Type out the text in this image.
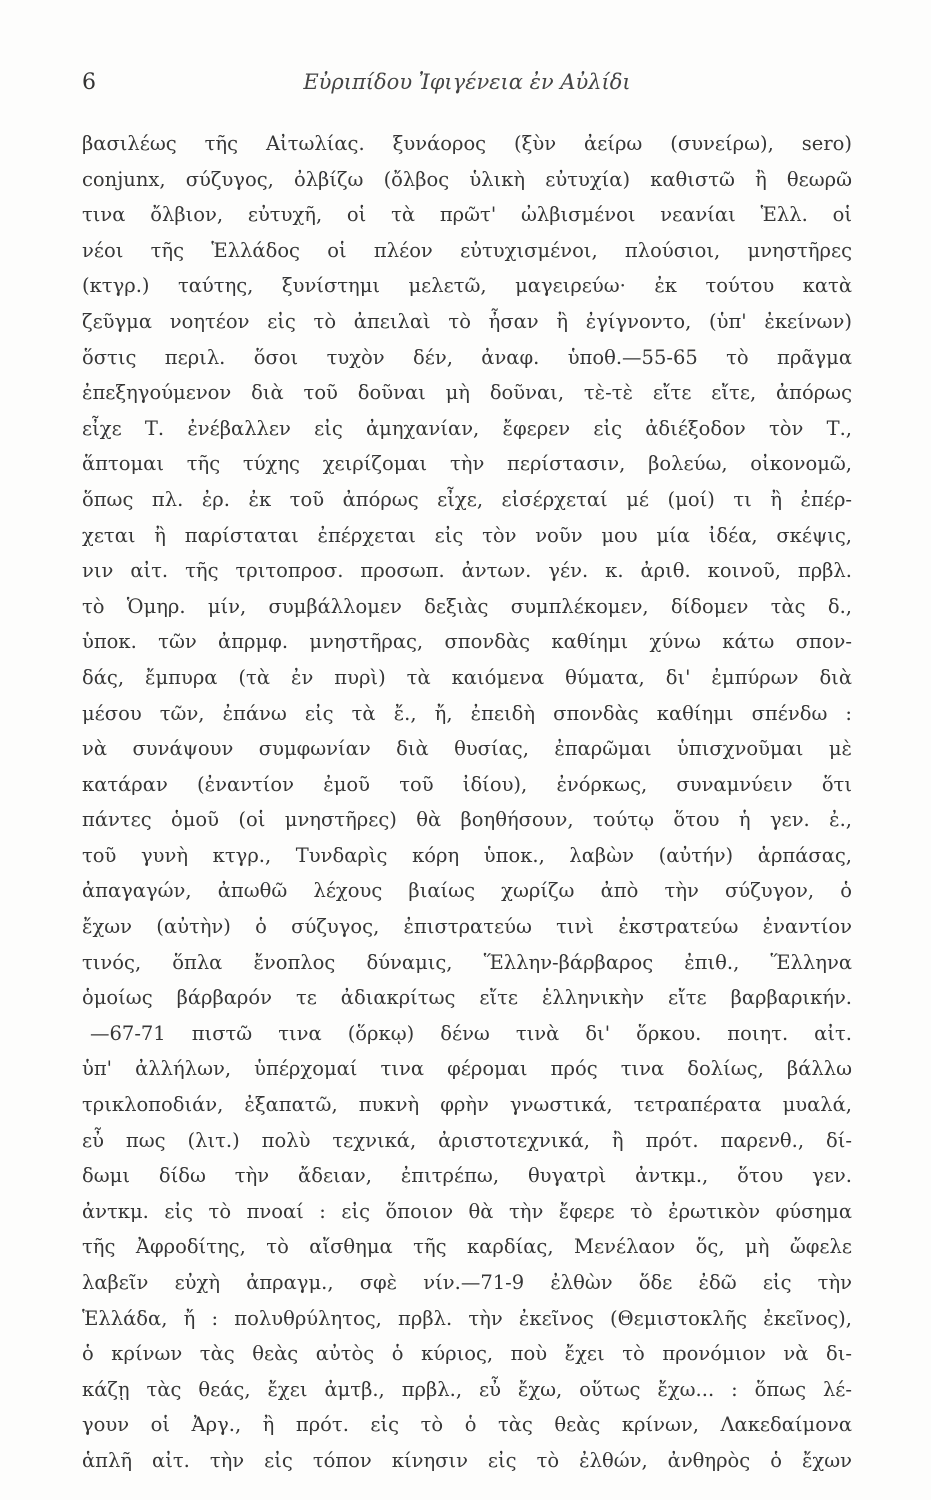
6	Εὐριπίδου Ἰφιγένεια ἐν Αὐλίδι
βασιλέως τῆς Αἰτωλίας. ξυνάορος (ξὺν ἀείρω (συνείρω), sero)
conjunx, σύζυγος, ὀλβίζω (ὄλβος ὑλικὴ εὐτυχία) καθιστῶ ἢ θεωρῶ
τινα ὄλβιον, εὐτυχῆ, οἱ τὰ πρῶτ' ὠλβισμένοι νεανίαι Ἑλλ. οἱ
νέοι τῆς Ἑλλάδος οἱ πλέον εὐτυχισμένοι, πλούσιοι, μνηστῆρες
(κτγρ.) ταύτης, ξυνίστημι μελετῶ, μαγειρεύω· ἐκ τούτου κατὰ
ζεῦγμα νοητέον εἰς τὸ ἀπειλαὶ τὸ ἦσαν ἢ ἐγίγνοντο, (ὑπ' ἐκείνων)
ὅστις περιλ. ὅσοι τυχὸν δέν, ἀναφ. ὑποθ.—55-65 τὸ πρᾶγμα
ἐπεξηγούμενον διὰ τοῦ δοῦναι μὴ δοῦναι, τὲ-τὲ εἴτε εἴτε, ἀπόρως
εἶχε Τ. ἐνέβαλλεν εἰς ἀμηχανίαν, ἔφερεν εἰς ἀδιέξοδον τὸν Τ.,
ἅπτομαι τῆς τύχης χειρίζομαι τὴν περίστασιν, βολεύω, οἰκονομῶ,
ὅπως πλ. ἐρ. ἐκ τοῦ ἀπόρως εἶχε, εἰσέρχεταί μέ (μοί) τι ἢ ἐπέρ-
χεται ἢ παρίσταται ἐπέρχεται εἰς τὸν νοῦν μου μία ἰδέα, σκέψις,
νιν αἰτ. τῆς τριτοπροσ. προσωπ. ἀντων. γέν. κ. ἀριθ. κοινοῦ, πρβλ.
τὸ Ὁμηρ. μίν, συμβάλλομεν δεξιὰς συμπλέκομεν, δίδομεν τὰς δ.,
ὑποκ. τῶν ἀπρμφ. μνηστῆρας, σπονδὰς καθίημι χύνω κάτω σπον-
δάς, ἔμπυρα (τὰ ἐν πυρὶ) τὰ καιόμενα θύματα, δι' ἐμπύρων διὰ
μέσου τῶν, ἐπάνω εἰς τὰ ἔ., ἤ, ἐπειδὴ σπονδὰς καθίημι σπένδω :
νὰ συνάψουν συμφωνίαν διὰ θυσίας, ἐπαρῶμαι ὑπισχνοῦμαι μὲ
κατάραν (ἐναντίον ἐμοῦ τοῦ ἰδίου), ἐνόρκως, συναμνύειν ὅτι
πάντες ὁμοῦ (οἱ μνηστῆρες) θὰ βοηθήσουν, τούτῳ ὅτου ἡ γεν. ἐ.,
τοῦ γυνὴ κτγρ., Τυνδαρὶς κόρη ὑποκ., λαβὼν (αὐτήν) ἁρπάσας,
ἀπαγαγών, ἀπωθῶ λέχους βιαίως χωρίζω ἀπὸ τὴν σύζυγον, ὁ
ἔχων (αὐτὴν) ὁ σύζυγος, ἐπιστρατεύω τινὶ ἐκστρατεύω ἐναντίον
τινός, ὅπλα ἔνοπλος δύναμις, Ἕλλην-βάρβαρος ἐπιθ., Ἕλληνα
ὁμοίως βάρβαρόν τε ἀδιακρίτως εἴτε ἑλληνικὴν εἴτε βαρβαρικήν.
—67-71 πιστῶ τινα (ὅρκῳ) δένω τινὰ δι' ὅρκου. ποιητ. αἰτ.
ὑπ' ἀλλήλων, ὑπέρχομαί τινα φέρομαι πρός τινα δολίως, βάλλω
τρικλοποδιάν, ἐξαπατῶ, πυκνὴ φρὴν γνωστικά, τετραπέρατα μυαλά,
εὖ πως (λιτ.) πολὺ τεχνικά, ἀριστοτεχνικά, ἢ πρότ. παρενθ., δί-
δωμι δίδω τὴν ἄδειαν, ἐπιτρέπω, θυγατρὶ ἀντκμ., ὅτου γεν.
ἀντκμ. εἰς τὸ πνοαί : εἰς ὅποιον θὰ τὴν ἔφερε τὸ ἐρωτικὸν φύσημα
τῆς Ἀφροδίτης, τὸ αἴσθημα τῆς καρδίας, Μενέλαον ὅς, μὴ ὤφελε
λαβεῖν εὐχὴ ἀπραγμ., σφὲ νίν.—71-9 ἐλθὼν ὅδε ἐδῶ εἰς τὴν
Ἑλλάδα, ἤ : πολυθρύλητος, πρβλ. τὴν ἐκεῖνος (Θεμιστοκλῆς ἐκεῖνος),
ὁ κρίνων τὰς θεὰς αὐτὸς ὁ κύριος, ποὺ ἔχει τὸ προνόμιον νὰ δι-
κάζῃ τὰς θεάς, ἔχει ἀμτβ., πρβλ., εὖ ἔχω, οὕτως ἔχω... : ὅπως λέ-
γουν οἱ Ἀργ., ἢ πρότ. εἰς τὸ ὁ τὰς θεὰς κρίνων, Λακεδαίμονα
ἁπλῆ αἰτ. τὴν εἰς τόπον κίνησιν εἰς τὸ ἐλθών, ἀνθηρὸς ὁ ἔχων
